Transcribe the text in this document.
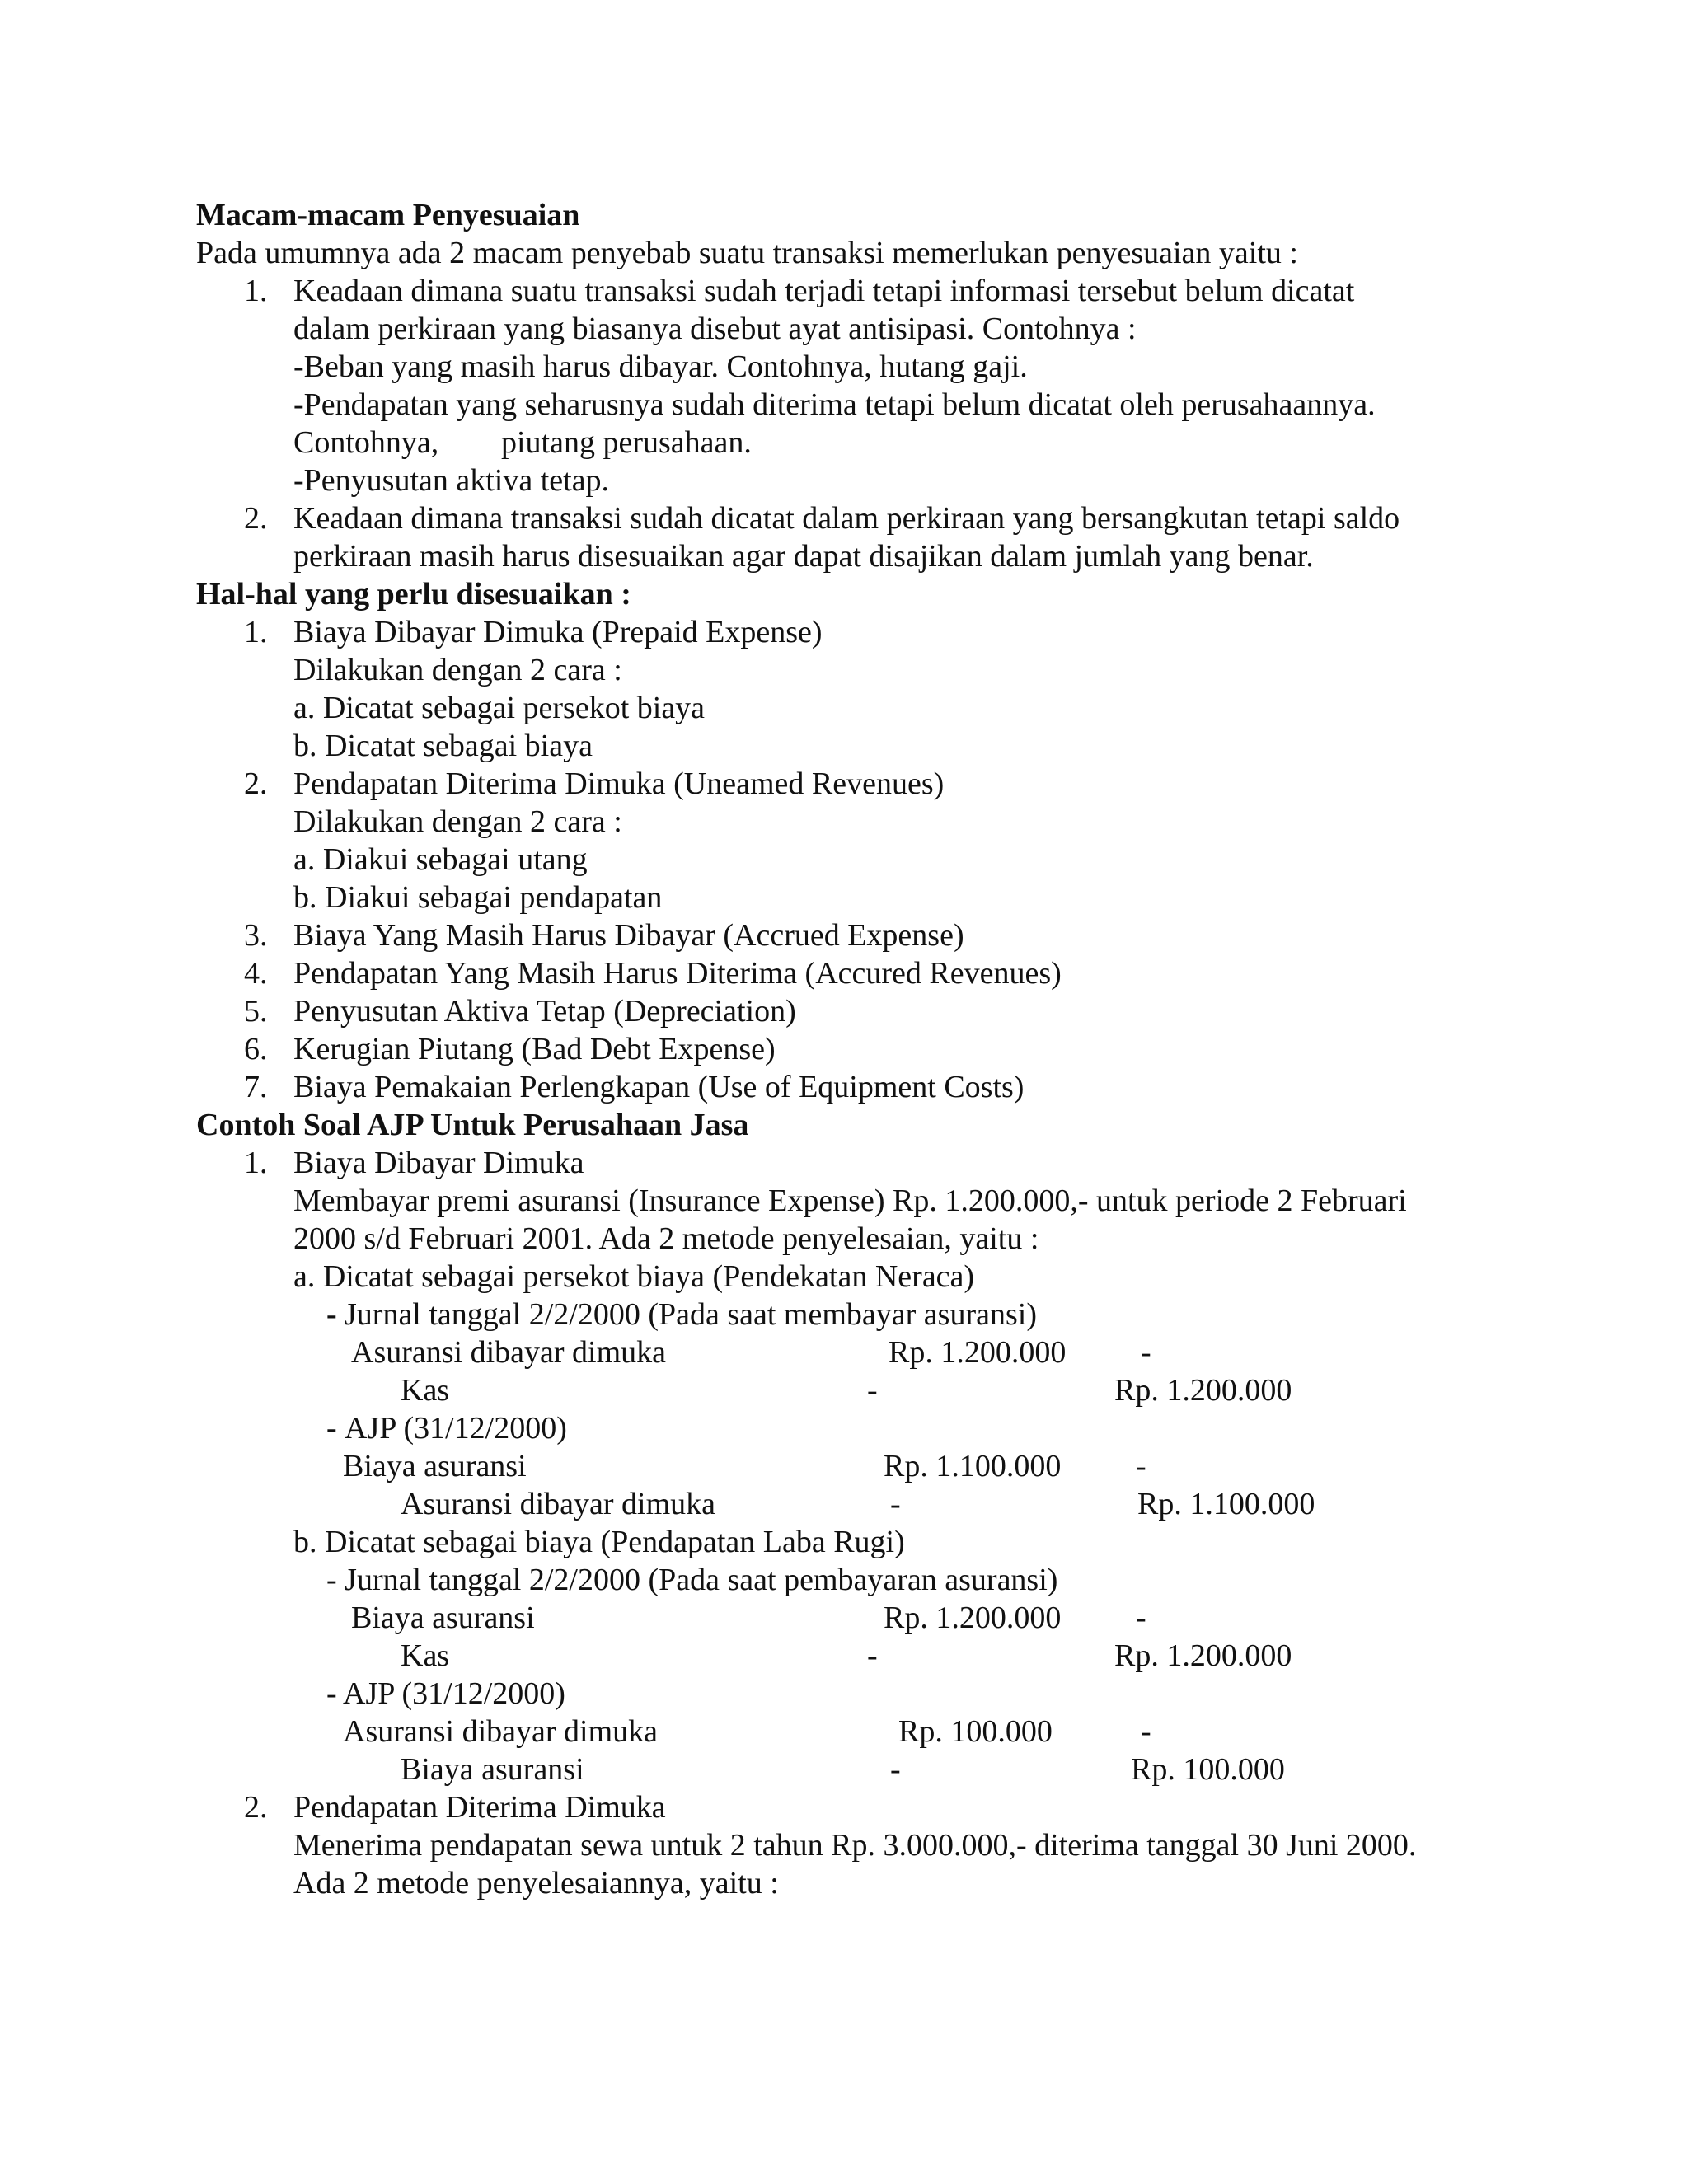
Macam-macam Penyesuaian
Pada umumnya ada 2 macam penyebab suatu transaksi memerlukan penyesuaian yaitu :
1. Keadaan dimana suatu transaksi sudah terjadi tetapi informasi tersebut belum dicatat
dalam perkiraan yang biasanya disebut ayat antisipasi. Contohnya :
-Beban yang masih harus dibayar. Contohnya, hutang gaji.
-Pendapatan yang seharusnya sudah diterima tetapi belum dicatat oleh perusahaannya.
Contohnya, piutang perusahaan.
-Penyusutan aktiva tetap.
2. Keadaan dimana transaksi sudah dicatat dalam perkiraan yang bersangkutan tetapi saldo
perkiraan masih harus disesuaikan agar dapat disajikan dalam jumlah yang benar.
Hal-hal yang perlu disesuaikan :
1. Biaya Dibayar Dimuka (Prepaid Expense)
Dilakukan dengan 2 cara :
a. Dicatat sebagai persekot biaya
b. Dicatat sebagai biaya
2. Pendapatan Diterima Dimuka (Uneamed Revenues)
Dilakukan dengan 2 cara :
a. Diakui sebagai utang
b. Diakui sebagai pendapatan
3. Biaya Yang Masih Harus Dibayar (Accrued Expense)
4. Pendapatan Yang Masih Harus Diterima (Accured Revenues)
5. Penyusutan Aktiva Tetap (Depreciation)
6. Kerugian Piutang (Bad Debt Expense)
7. Biaya Pemakaian Perlengkapan (Use of Equipment Costs)
Contoh Soal AJP Untuk Perusahaan Jasa
1. Biaya Dibayar Dimuka
Membayar premi asuransi (Insurance Expense) Rp. 1.200.000,- untuk periode 2 Februari
2000 s/d Februari 2001. Ada 2 metode penyelesaian, yaitu :
a. Dicatat sebagai persekot biaya (Pendekatan Neraca)
- Jurnal tanggal 2/2/2000 (Pada saat membayar asuransi)
Asuransi dibayar dimuka	Rp. 1.200.000 -
Kas	-	Rp. 1.200.000
- AJP (31/12/2000)
Biaya asuransi	Rp. 1.100.000 -
Asuransi dibayar dimuka	-	Rp. 1.100.000
b. Dicatat sebagai biaya (Pendapatan Laba Rugi)
- Jurnal tanggal 2/2/2000 (Pada saat pembayaran asuransi)
Biaya asuransi	Rp. 1.200.000 -
Kas	-	Rp. 1.200.000
- AJP (31/12/2000)
Asuransi dibayar dimuka	Rp. 100.000	-
Biaya asuransi	-	Rp. 100.000
2. Pendapatan Diterima Dimuka
Menerima pendapatan sewa untuk 2 tahun Rp. 3.000.000,- diterima tanggal 30 Juni 2000.
Ada 2 metode penyelesaiannya, yaitu :
